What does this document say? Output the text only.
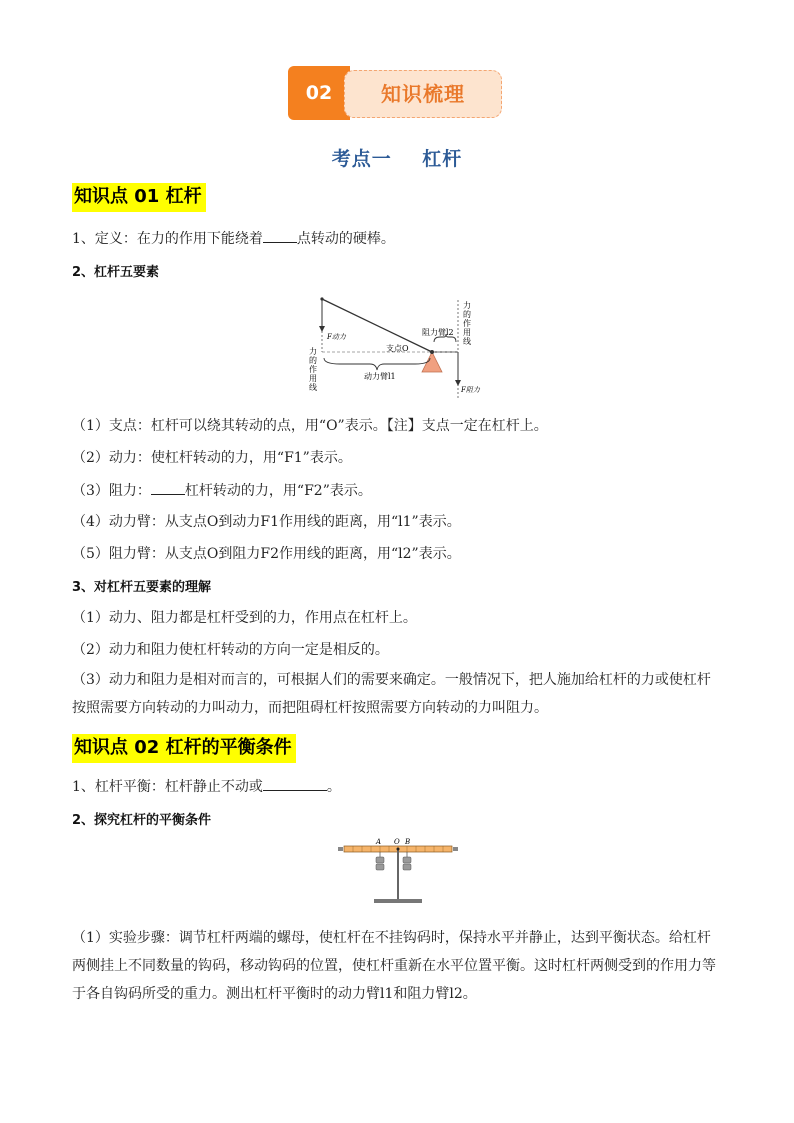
02	知识梳理
考点一    杠杆
知识点 01 杠杆
1、定义：在力的作用下能绕着 点转动的硬棒。
2、杠杆五要素
F动力
F阻力
支点O
阻力臂l2
动力臂l1
力
的
作
用
线
力
的
作
用
线
（1）支点：杠杆可以绕其转动的点，用“O”表示。【注】支点一定在杠杆上。
（2）动力：使杠杆转动的力，用“F1”表示。
（3）阻力： 杠杆转动的力，用“F2”表示。
（4）动力臂：从支点O到动力F1作用线的距离，用“l1”表示。
（5）阻力臂：从支点O到阻力F2作用线的距离，用“l2”表示。
3、对杠杆五要素的理解
（1）动力、阻力都是杠杆受到的力，作用点在杠杆上。
（2）动力和阻力使杠杆转动的方向一定是相反的。
（3）动力和阻力是相对而言的，可根据人们的需要来确定。一般情况下，把人施加给杠杆的力或使杠杆按照需要方向转动的力叫动力，而把阻碍杠杆按照需要方向转动的力叫阻力。
知识点 02 杠杆的平衡条件
1、杠杆平衡：杠杆静止不动或	。
2、探究杠杆的平衡条件
A O B
（1）实验步骤：调节杠杆两端的螺母，使杠杆在不挂钩码时，保持水平并静止，达到平衡状态。给杠杆两侧挂上不同数量的钩码，移动钩码的位置，使杠杆重新在水平位置平衡。这时杠杆两侧受到的作用力等于各自钩码所受的重力。测出杠杆平衡时的动力臂l1和阻力臂l2。
